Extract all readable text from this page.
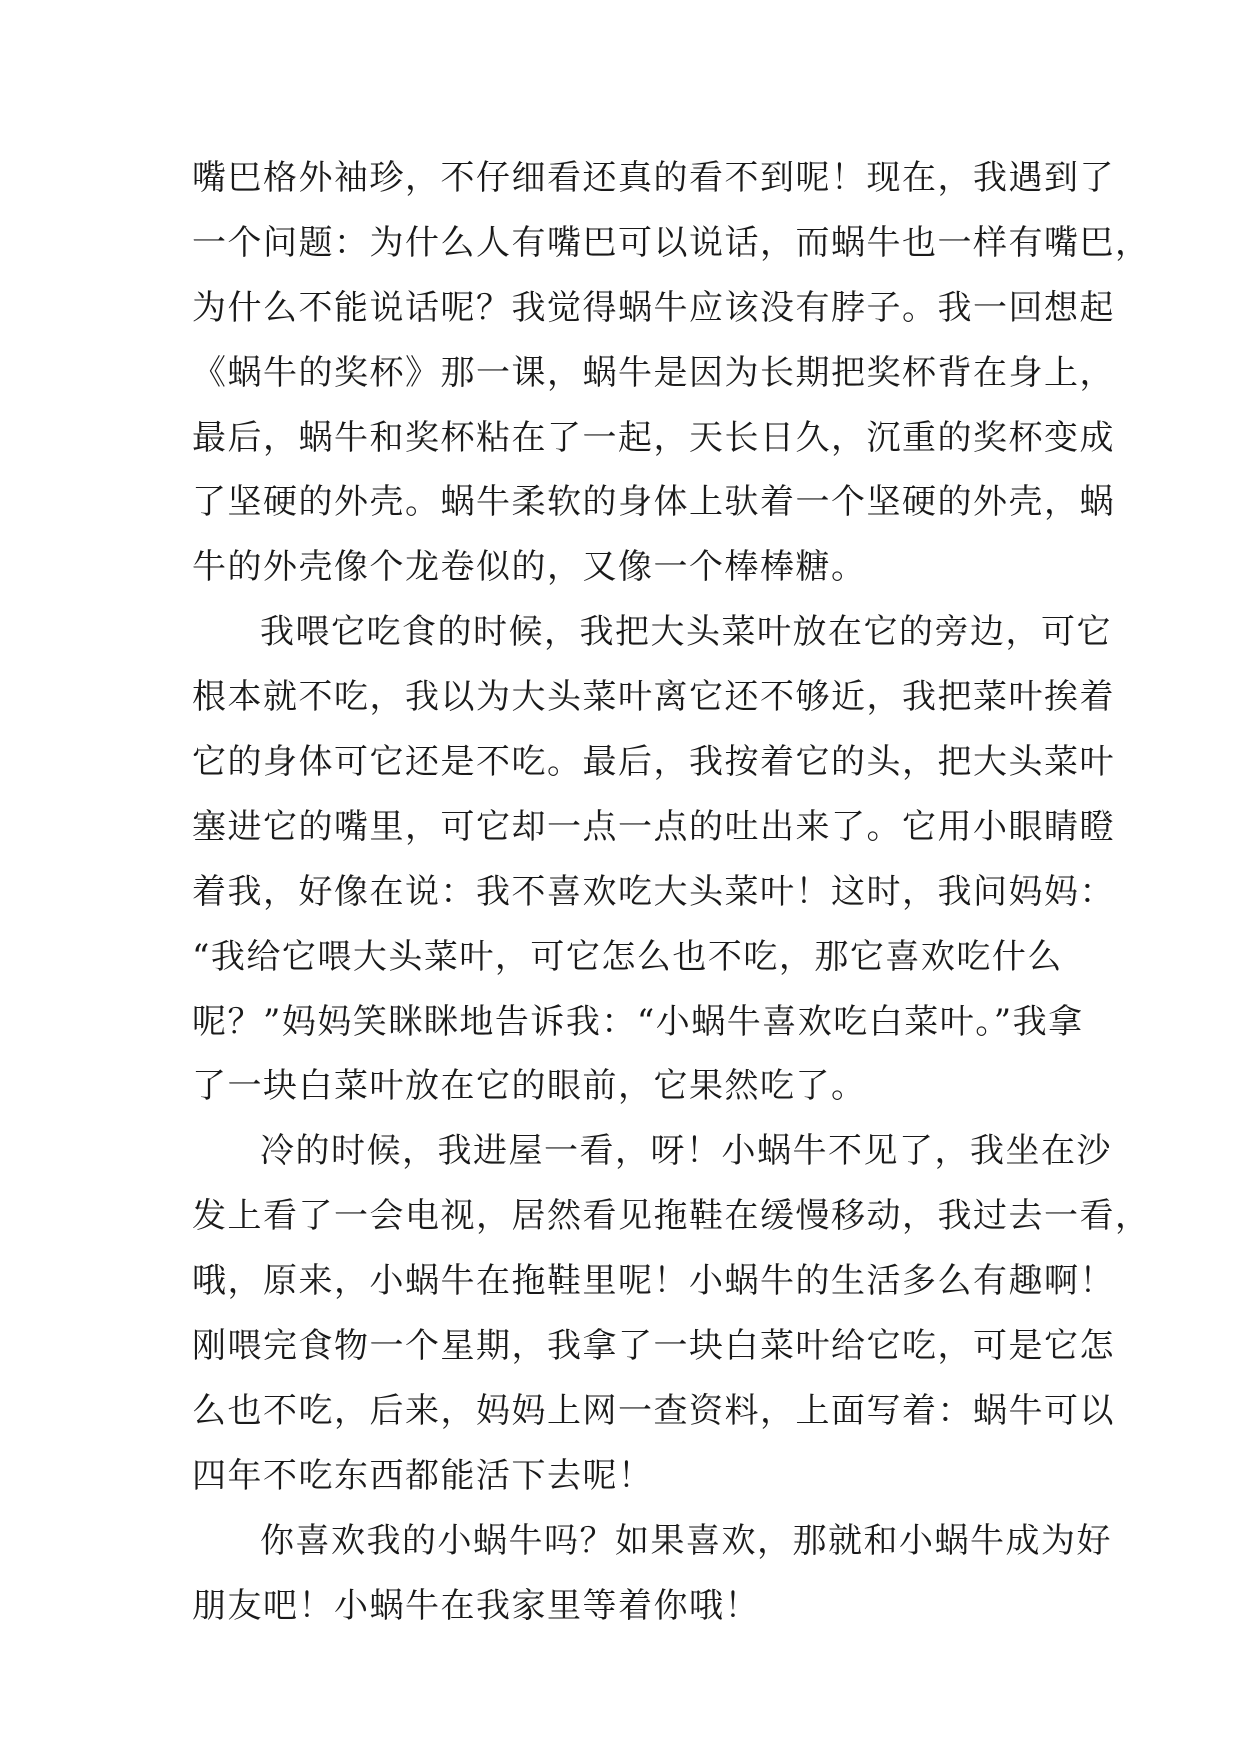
嘴巴格外袖珍，不仔细看还真的看不到呢！现在，我遇到了
一个问题：为什么人有嘴巴可以说话，而蜗牛也一样有嘴巴，
为什么不能说话呢？我觉得蜗牛应该没有脖子。我一回想起
《蜗牛的奖杯》那一课，蜗牛是因为长期把奖杯背在身上，
最后，蜗牛和奖杯粘在了一起，天长日久，沉重的奖杯变成
了坚硬的外壳。蜗牛柔软的身体上驮着一个坚硬的外壳，蜗
牛的外壳像个龙卷似的，又像一个棒棒糖。
我喂它吃食的时候，我把大头菜叶放在它的旁边，可它
根本就不吃，我以为大头菜叶离它还不够近，我把菜叶挨着
它的身体可它还是不吃。最后，我按着它的头，把大头菜叶
塞进它的嘴里，可它却一点一点的吐出来了。它用小眼睛瞪
着我，好像在说：我不喜欢吃大头菜叶！这时，我问妈妈：
“我给它喂大头菜叶，可它怎么也不吃，那它喜欢吃什么
呢？”妈妈笑眯眯地告诉我：“小蜗牛喜欢吃白菜叶。”我拿
了一块白菜叶放在它的眼前，它果然吃了。
冷的时候，我进屋一看，呀！小蜗牛不见了，我坐在沙
发上看了一会电视，居然看见拖鞋在缓慢移动，我过去一看，
哦，原来，小蜗牛在拖鞋里呢！小蜗牛的生活多么有趣啊！
刚喂完食物一个星期，我拿了一块白菜叶给它吃，可是它怎
么也不吃，后来，妈妈上网一查资料，上面写着：蜗牛可以
四年不吃东西都能活下去呢！
你喜欢我的小蜗牛吗？如果喜欢，那就和小蜗牛成为好
朋友吧！小蜗牛在我家里等着你哦！
